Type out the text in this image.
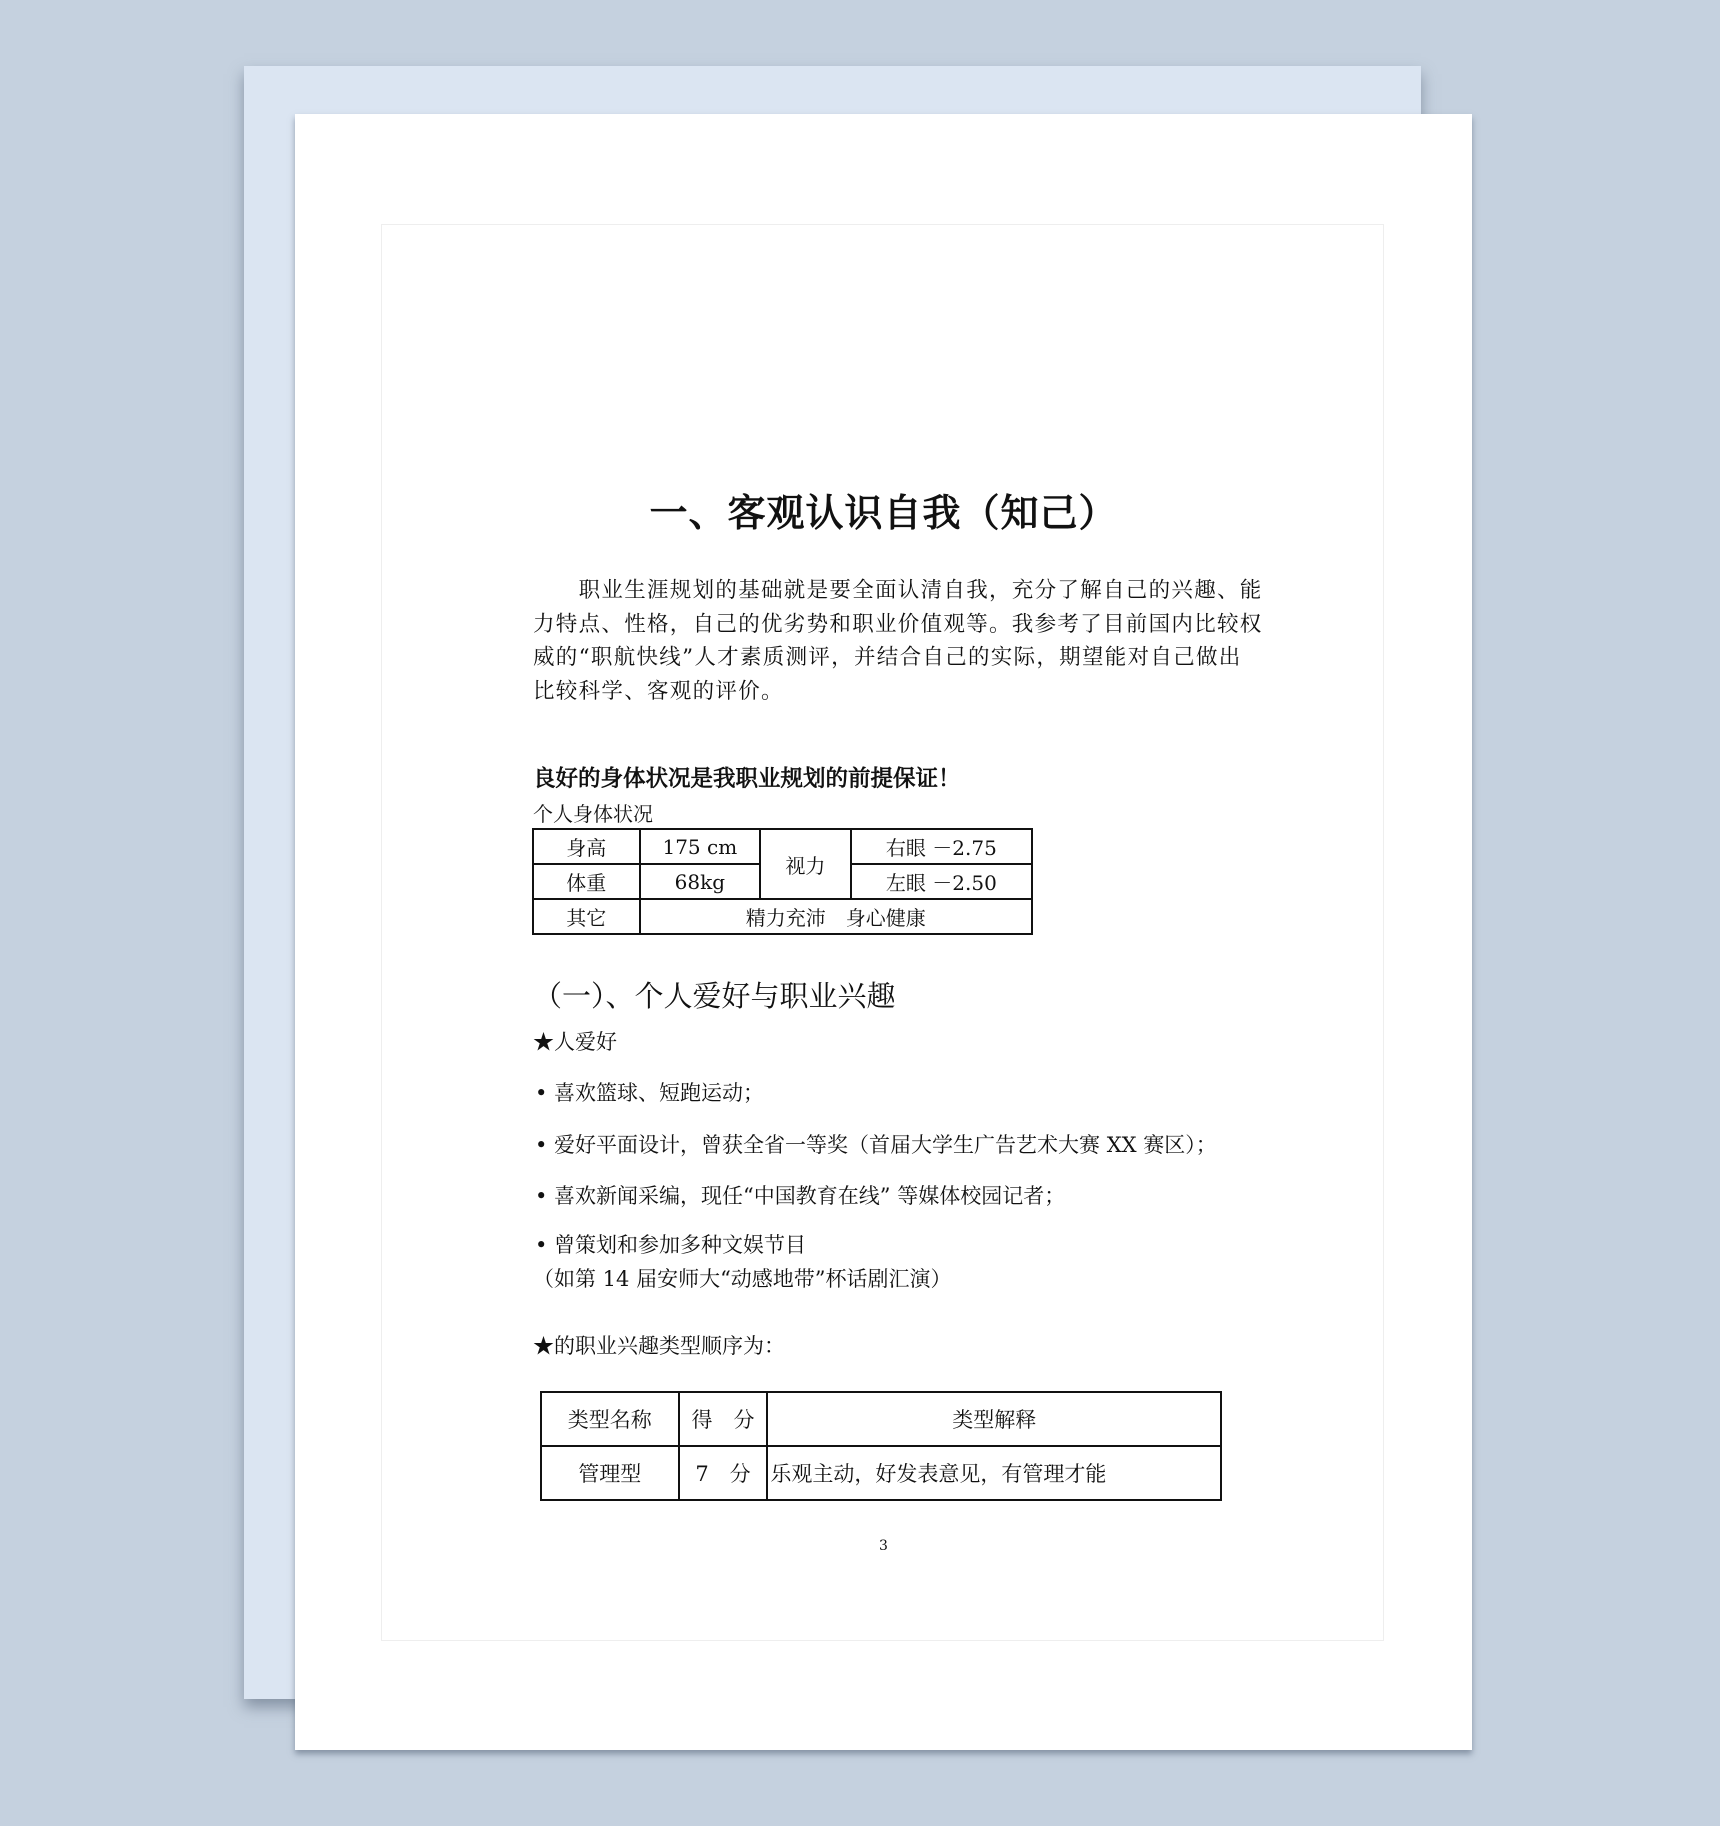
一、客观认识自我（知己）
　　职业生涯规划的基础就是要全面认清自我，充分了解自己的兴趣、能
力特点、性格，自己的优劣势和职业价值观等。我参考了目前国内比较权
威的“职航快线”人才素质测评，并结合自己的实际，期望能对自己做出
比较科学、客观的评价。
良好的身体状况是我职业规划的前提保证！
个人身体状况
身高	175 cm	视力	右眼 －2.75
体重	68kg		左眼 －2.50
其它	精力充沛　身心健康		
（一）、个人爱好与职业兴趣
★人爱好
• 喜欢篮球、短跑运动；
• 爱好平面设计，曾获全省一等奖（首届大学生广告艺术大赛 XX 赛区）；
• 喜欢新闻采编，现任“中国教育在线” 等媒体校园记者；
• 曾策划和参加多种文娱节目
（如第 14 届安师大“动感地带”杯话剧汇演）
★的职业兴趣类型顺序为：
类型名称	得　分	类型解释
管理型	7　分	乐观主动，好发表意见，有管理才能
3
